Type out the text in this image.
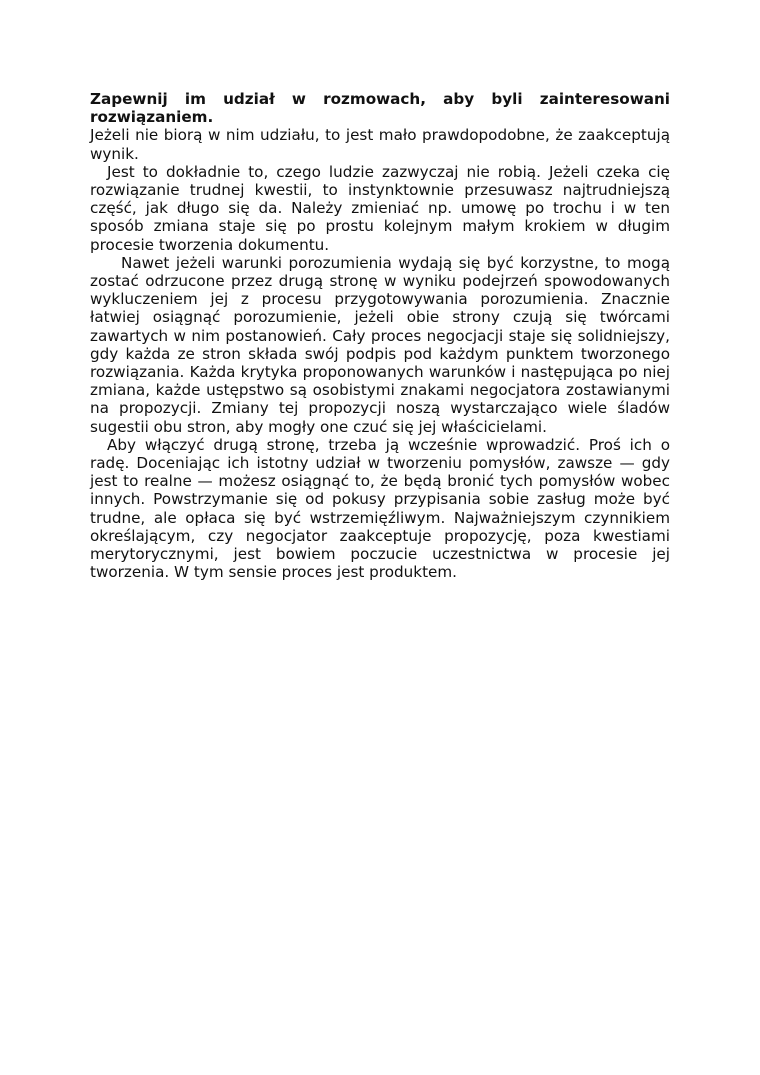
Zapewnij im udział w rozmowach, aby byli zainteresowani rozwiązaniem.

Jeżeli nie biorą w nim udziału, to jest mało prawdopodobne, że zaakceptują wynik.

Jest to dokładnie to, czego ludzie zazwyczaj nie robią. Jeżeli czeka cię rozwiązanie trudnej kwestii, to instynktownie przesuwasz najtrudniejszą część, jak długo się da. Należy zmieniać np. umowę po trochu i w ten sposób zmiana staje się po prostu kolejnym małym krokiem w długim procesie tworzenia dokumentu.

Nawet jeżeli warunki porozumienia wydają się być korzystne, to mogą zostać odrzucone przez drugą stronę w wyniku podejrzeń spowodowanych wykluczeniem jej z procesu przygotowywania porozumienia. Znacznie łatwiej osiągnąć porozumienie, jeżeli obie strony czują się twórcami zawartych w nim postanowień. Cały proces negocjacji staje się solidniejszy, gdy każda ze stron składa swój podpis pod każdym punktem tworzonego rozwiązania. Każda krytyka proponowanych warunków i następująca po niej zmiana, każde ustępstwo są osobistymi znakami negocjatora zostawianymi na propozycji. Zmiany tej propozycji noszą wystarczająco wiele śladów sugestii obu stron, aby mogły one czuć się jej właścicielami.

Aby włączyć drugą stronę, trzeba ją wcześnie wprowadzić. Proś ich o radę. Doceniając ich istotny udział w tworzeniu pomysłów, zawsze — gdy jest to realne — możesz osiągnąć to, że będą bronić tych pomysłów wobec innych. Powstrzymanie się od pokusy przypisania sobie zasług może być trudne, ale opłaca się być wstrzemięźliwym. Najważniejszym czynnikiem określającym, czy negocjator zaakceptuje propozycję, poza kwestiami merytorycznymi, jest bowiem poczucie uczestnictwa w procesie jej tworzenia. W tym sensie proces jest produktem.
